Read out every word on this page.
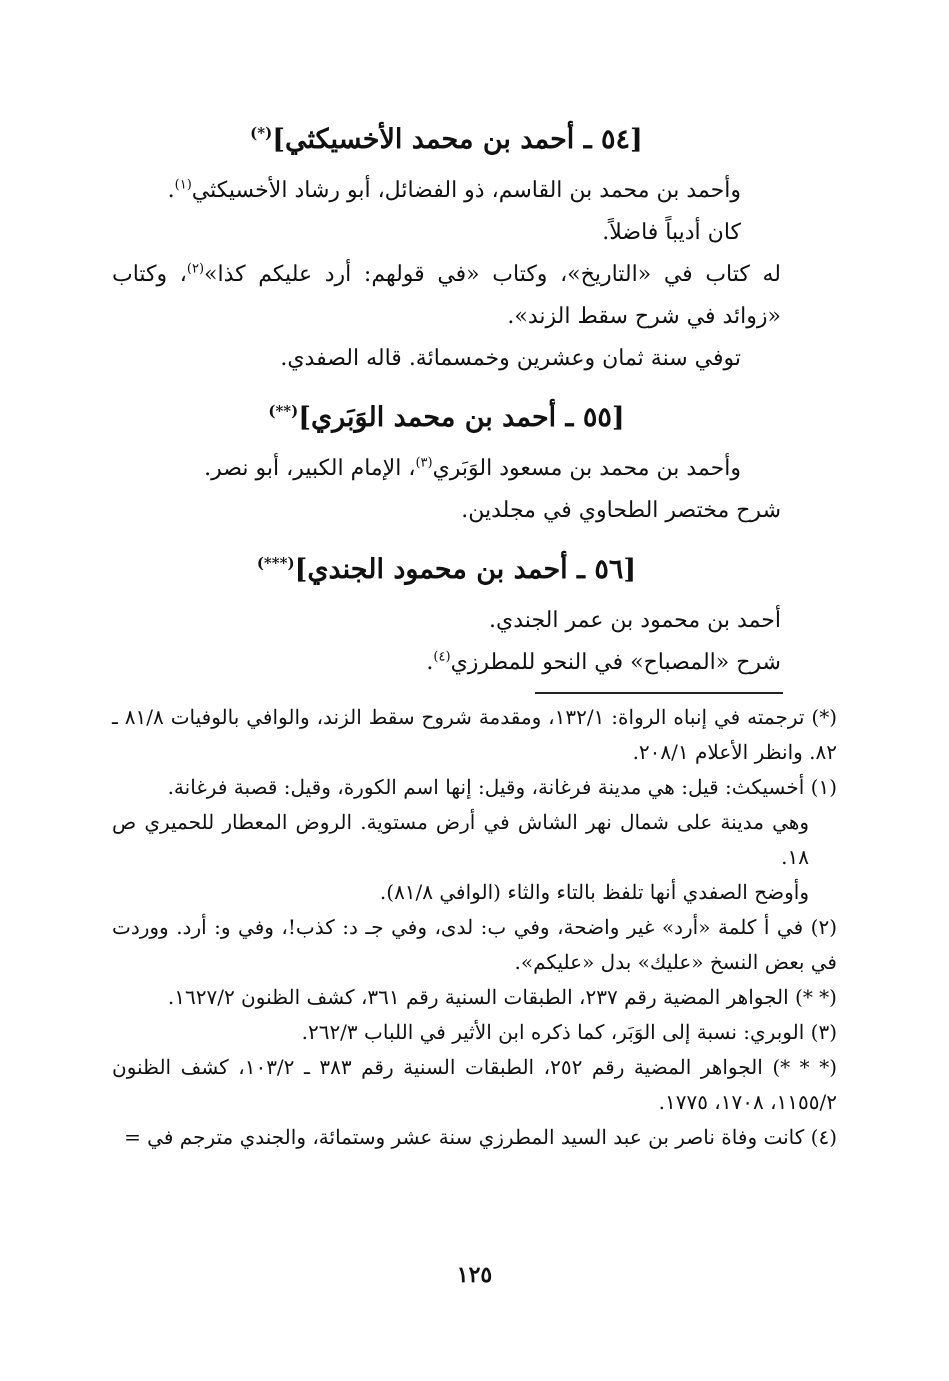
[٥٤ ـ أحمد بن محمد الأخسيكثي](*)

وأحمد بن محمد بن القاسم، ذو الفضائل، أبو رشاد الأخسيكثي$^{(١)}$.

كان أديباً فاضلاً.

له كتاب في «التاريخ»، وكتاب «في قولهم: أرد عليكم كذا»$^{(٢)}$، وكتاب «زوائد في شرح سقط الزند».

توفي سنة ثمان وعشرين وخمسمائة. قاله الصفدي.

[٥٥ ـ أحمد بن محمد الوَبَري](**)

وأحمد بن محمد بن مسعود الوَبَري$^{(٣)}$، الإمام الكبير، أبو نصر.

شرح مختصر الطحاوي في مجلدين.

[٥٦ ـ أحمد بن محمود الجندي](***)

أحمد بن محمود بن عمر الجندي.

شرح «المصباح» في النحو للمطرزي$^{(٤)}$.

(*) ترجمته في إنباه الرواة: ١٣٢/١، ومقدمة شروح سقط الزند، والوافي بالوفيات ٨١/٨ ـ ٨٢. وانظر الأعلام ٢٠٨/١.

(١) أخسيكث: قيل: هي مدينة فرغانة، وقيل: إنها اسم الكورة، وقيل: قصبة فرغانة.

وهي مدينة على شمال نهر الشاش في أرض مستوية. الروض المعطار للحميري ص ١٨.

وأوضح الصفدي أنها تلفظ بالتاء والثاء (الوافي ٨١/٨).

(٢) في أ كلمة «أرد» غير واضحة، وفي ب: لدى، وفي جـ د: كذب!، وفي و: أرد. ووردت في بعض النسخ «عليك» بدل «عليكم».

(* *) الجواهر المضية رقم ٢٣٧، الطبقات السنية رقم ٣٦١، كشف الظنون ١٦٢٧/٢.

(٣) الوبري: نسبة إلى الوَبَر، كما ذكره ابن الأثير في اللباب ٢٦٢/٣.

(* * *) الجواهر المضية رقم ٢٥٢، الطبقات السنية رقم ٣٨٣ ـ ١٠٣/٢، كشف الظنون ١١٥٥/٢، ١٧٠٨، ١٧٧٥.

(٤) كانت وفاة ناصر بن عبد السيد المطرزي سنة عشر وستمائة، والجندي مترجم في =

١٢٥
